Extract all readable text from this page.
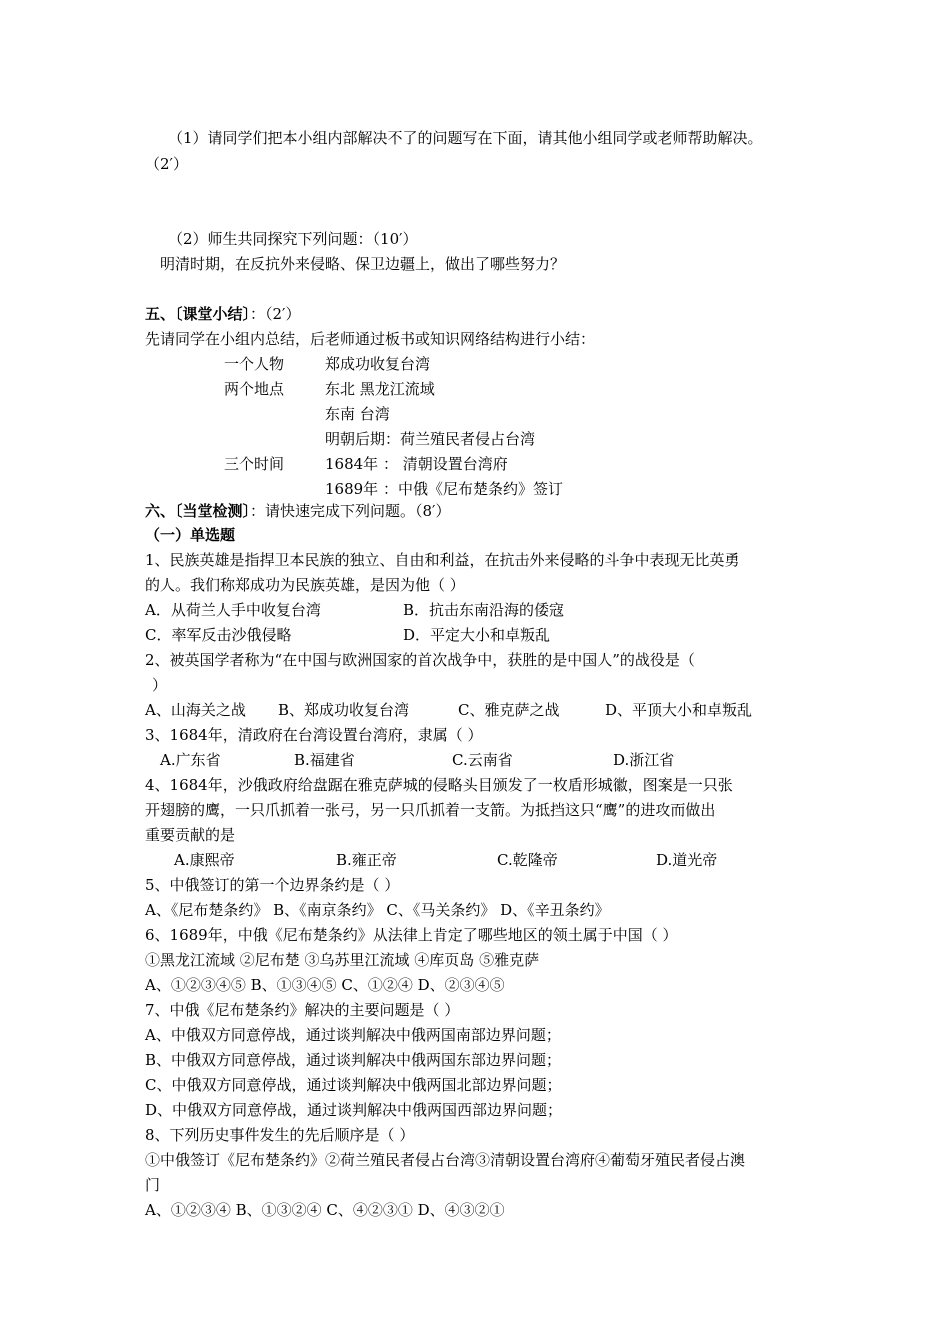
（1）请同学们把本小组内部解决不了的问题写在下面，请其他小组同学或老师帮助解决。
（2′）
（2）师生共同探究下列问题：（10′）
明清时期，在反抗外来侵略、保卫边疆上，做出了哪些努力？
五、〔课堂小结〕：（2′）
先请同学在小组内总结，后老师通过板书或知识网络结构进行小结：
一个人物	郑成功收复台湾
两个地点	东北 黑龙江流域
东南 台湾
明朝后期：荷兰殖民者侵占台湾
三个时间	1684年 ： 清朝设置台湾府
1689年 ：中俄《尼布楚条约》签订
六、〔当堂检测〕：请快速完成下列问题。（8′）
（一）单选题
1、民族英雄是指捍卫本民族的独立、自由和利益，在抗击外来侵略的斗争中表现无比英勇
的人。我们称郑成功为民族英雄，是因为他（ ）
A．从荷兰人手中收复台湾	B．抗击东南沿海的倭寇
C．率军反击沙俄侵略	D．平定大小和卓叛乱
2、被英国学者称为“在中国与欧洲国家的首次战争中，获胜的是中国人”的战役是（
）
A、山海关之战 B、郑成功收复台湾	C、雅克萨之战	D、平顶大小和卓叛乱
3、1684年，清政府在台湾设置台湾府，隶属（ ）
A.广东省	B.福建省	C.云南省	D.浙江省
4、1684年，沙俄政府给盘踞在雅克萨城的侵略头目颁发了一枚盾形城徽，图案是一只张
开翅膀的鹰，一只爪抓着一张弓，另一只爪抓着一支箭。为抵挡这只“鹰”的进攻而做出
重要贡献的是
A.康熙帝	B.雍正帝	C.乾隆帝	D.道光帝
5、中俄签订的第一个边界条约是（ ）
A、《尼布楚条约》 B、《南京条约》 C、《马关条约》 D、《辛丑条约》
6、1689年，中俄《尼布楚条约》从法律上肯定了哪些地区的领土属于中国（ ）
①黑龙江流域 ②尼布楚 ③乌苏里江流域 ④库页岛 ⑤雅克萨
A、①②③④⑤ B、①③④⑤ C、①②④ D、②③④⑤
7、中俄《尼布楚条约》解决的主要问题是（ ）
A、中俄双方同意停战，通过谈判解决中俄两国南部边界问题；
B、中俄双方同意停战，通过谈判解决中俄两国东部边界问题；
C、中俄双方同意停战，通过谈判解决中俄两国北部边界问题；
D、中俄双方同意停战，通过谈判解决中俄两国西部边界问题；
8、下列历史事件发生的先后顺序是（ ）
①中俄签订《尼布楚条约》②荷兰殖民者侵占台湾③清朝设置台湾府④葡萄牙殖民者侵占澳
门
A、①②③④ B、①③②④ C、④②③① D、④③②①
